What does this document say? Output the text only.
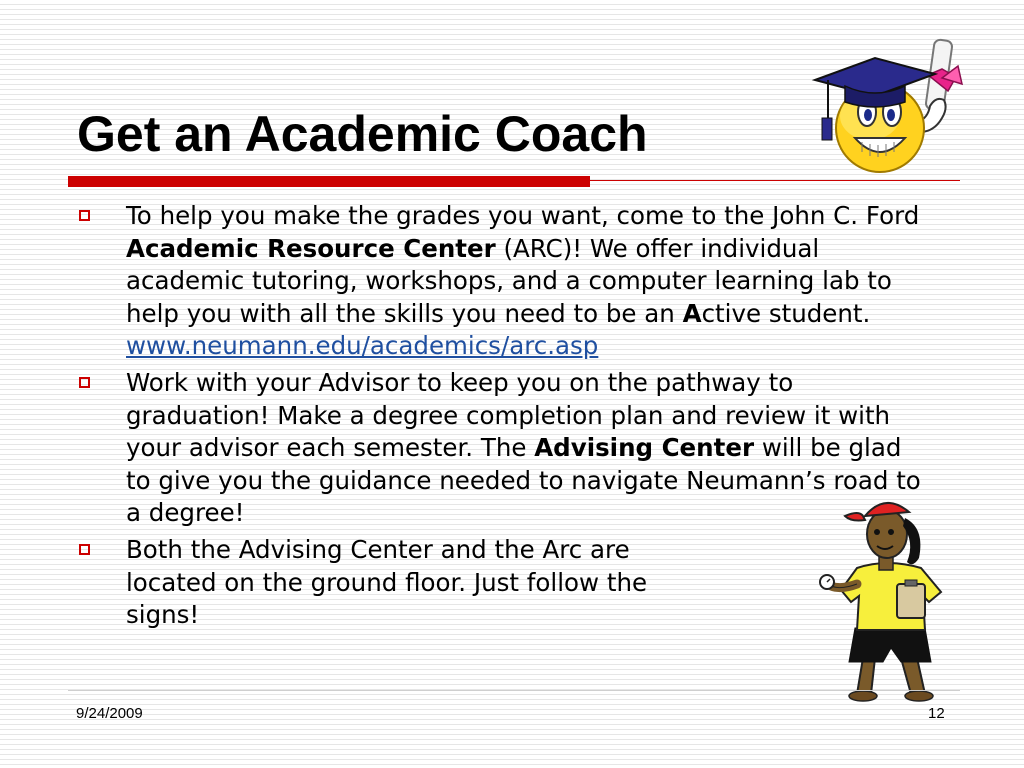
Get an Academic Coach
To help you make the grades you want, come to the John C. Ford Academic Resource Center (ARC)! We offer individual academic tutoring, workshops, and a computer learning lab to help you with all the skills you need to be an Active student.
www.neumann.edu/academics/arc.asp
Work with your Advisor to keep you on the pathway to graduation! Make a degree completion plan and review it with your advisor each semester. The Advising Center will be glad to give you the guidance needed to navigate Neumann’s road to a degree!
Both the Advising Center and the Arc are located on the ground floor. Just follow the signs!
9/24/2009	12
